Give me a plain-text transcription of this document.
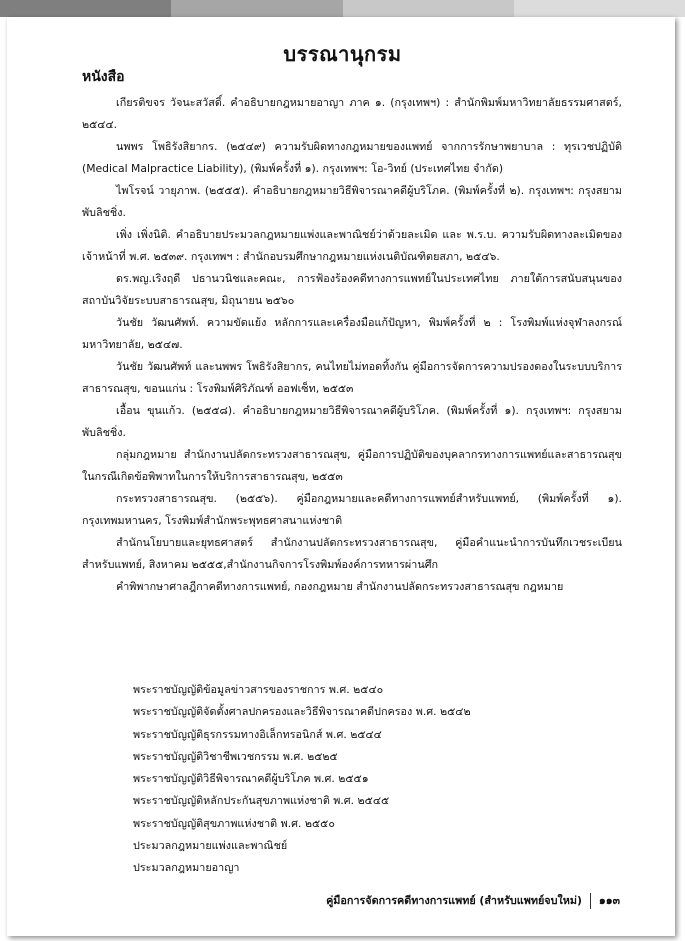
บรรณานุกรม
หนังสือ

เกียรติขจร วัจนะสวัสดิ์. คำอธิบายกฎหมายอาญา ภาค ๑. (กรุงเทพฯ) : สำนักพิมพ์มหาวิทยาลัยธรรมศาสตร์, ๒๕๔๔.

นพพร โพธิรังสิยากร. (๒๕๔๙) ความรับผิดทางกฎหมายของแพทย์ จากการรักษาพยาบาล : ทุรเวชปฏิบัติ (Medical Malpractice Liability), (พิมพ์ครั้งที่ ๑). กรุงเทพฯ: โอ-วิทย์ (ประเทศไทย จำกัด)

ไพโรจน์ วายุภาพ. (๒๕๕๕). คำอธิบายกฎหมายวิธีพิจารณาคดีผู้บริโภค. (พิมพ์ครั้งที่ ๒). กรุงเทพฯ: กรุงสยาม พับลิชชิ่ง.

เพิ่ง เพิ่งนิติ. คำอธิบายประมวลกฎหมายแพ่งและพาณิชย์ว่าด้วยละเมิด และ พ.ร.บ. ความรับผิดทางละเมิดของเจ้าหน้าที่ พ.ศ. ๒๕๓๙. กรุงเทพฯ : สำนักอบรมศึกษากฎหมายแห่งเนติบัณฑิตยสภา, ๒๕๔๖.

ดร.พญ.เริงฤดี ปธานวนิชและคณะ, การฟ้องร้องคดีทางการแพทย์ในประเทศไทย ภายใต้การสนับสนุนของสถาบันวิจัยระบบสาธารณสุข, มิถุนายน ๒๕๖๐

วันชัย วัฒนศัพท์. ความขัดแย้ง หลักการและเครื่องมือแก้ปัญหา, พิมพ์ครั้งที่ ๒ : โรงพิมพ์แห่งจุฬาลงกรณ์มหาวิทยาลัย, ๒๕๔๗.

วันชัย วัฒนศัพท์ และนพพร โพธิรังสิยากร, คนไทยไม่ทอดทิ้งกัน คู่มือการจัดการความปรองดองในระบบบริการสาธารณสุข, ขอนแก่น : โรงพิมพ์ศิริภัณฑ์ ออฟเซ็ท, ๒๕๕๓

เอื้อน ขุนแก้ว. (๒๕๕๘). คำอธิบายกฎหมายวิธีพิจารณาคดีผู้บริโภค. (พิมพ์ครั้งที่ ๑). กรุงเทพฯ: กรุงสยาม พับลิชชิ่ง.

กลุ่มกฎหมาย สำนักงานปลัดกระทรวงสาธารณสุข, คู่มือการปฏิบัติของบุคลากรทางการแพทย์และสาธารณสุข ในกรณีเกิดข้อพิพาทในการให้บริการสาธารณสุข, ๒๕๕๓

กระทรวงสาธารณสุข. (๒๕๕๖). คู่มือกฎหมายและคดีทางการแพทย์สำหรับแพทย์, (พิมพ์ครั้งที่ ๑). กรุงเทพมหานคร, โรงพิมพ์สำนักพระพุทธศาสนาแห่งชาติ

สำนักนโยบายและยุทธศาสตร์ สำนักงานปลัดกระทรวงสาธารณสุข, คู่มือคำแนะนำการบันทึกเวชระเบียนสำหรับแพทย์, สิงหาคม ๒๕๕๕,สำนักงานกิจการโรงพิมพ์องค์การทหารผ่านศึก

คำพิพากษาศาลฎีกาคดีทางการแพทย์, กองกฎหมาย สำนักงานปลัดกระทรวงสาธารณสุข กฎหมาย

พระราชบัญญัติข้อมูลข่าวสารของราชการ พ.ศ. ๒๕๔๐

พระราชบัญญัติจัดตั้งศาลปกครองและวิธีพิจารณาคดีปกครอง พ.ศ. ๒๕๔๒

พระราชบัญญัติธุรกรรมทางอิเล็กทรอนิกส์ พ.ศ. ๒๕๔๔

พระราชบัญญัติวิชาชีพเวชกรรม พ.ศ. ๒๕๒๕

พระราชบัญญัติวิธีพิจารณาคดีผู้บริโภค พ.ศ. ๒๕๕๑

พระราชบัญญัติหลักประกันสุขภาพแห่งชาติ พ.ศ. ๒๕๔๕

พระราชบัญญัติสุขภาพแห่งชาติ พ.ศ. ๒๕๕๐

ประมวลกฎหมายแพ่งและพาณิชย์

ประมวลกฎหมายอาญา

คู่มือการจัดการคดีทางการแพทย์ (สำหรับแพทย์จบใหม่) ๑๑๓
